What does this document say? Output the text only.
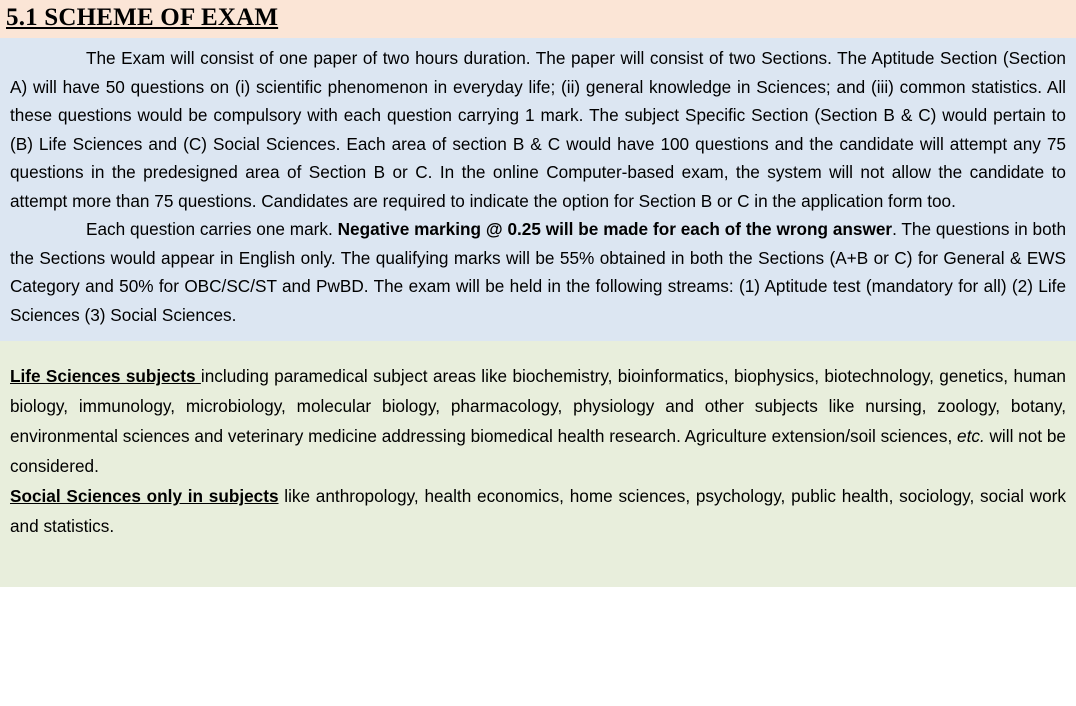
5.1 SCHEME OF EXAM

The Exam will consist of one paper of two hours duration. The paper will consist of two Sections. The Aptitude Section (Section A) will have 50 questions on (i) scientific phenomenon in everyday life; (ii) general knowledge in Sciences; and (iii) common statistics. All these questions would be compulsory with each question carrying 1 mark. The subject Specific Section (Section B & C) would pertain to (B) Life Sciences and (C) Social Sciences. Each area of section B & C would have 100 questions and the candidate will attempt any 75 questions in the predesigned area of Section B or C. In the online Computer-based exam, the system will not allow the candidate to attempt more than 75 questions. Candidates are required to indicate the option for Section B or C in the application form too.

Each question carries one mark. Negative marking @ 0.25 will be made for each of the wrong answer. The questions in both the Sections would appear in English only. The qualifying marks will be 55% obtained in both the Sections (A+B or C) for General & EWS Category and 50% for OBC/SC/ST and PwBD. The exam will be held in the following streams: (1) Aptitude test (mandatory for all) (2) Life Sciences (3) Social Sciences.

Life Sciences subjects including paramedical subject areas like biochemistry, bioinformatics, biophysics, biotechnology, genetics, human biology, immunology, microbiology, molecular biology, pharmacology, physiology and other subjects like nursing, zoology, botany, environmental sciences and veterinary medicine addressing biomedical health research. Agriculture extension/soil sciences, etc. will not be considered.

Social Sciences only in subjects like anthropology, health economics, home sciences, psychology, public health, sociology, social work and statistics.
